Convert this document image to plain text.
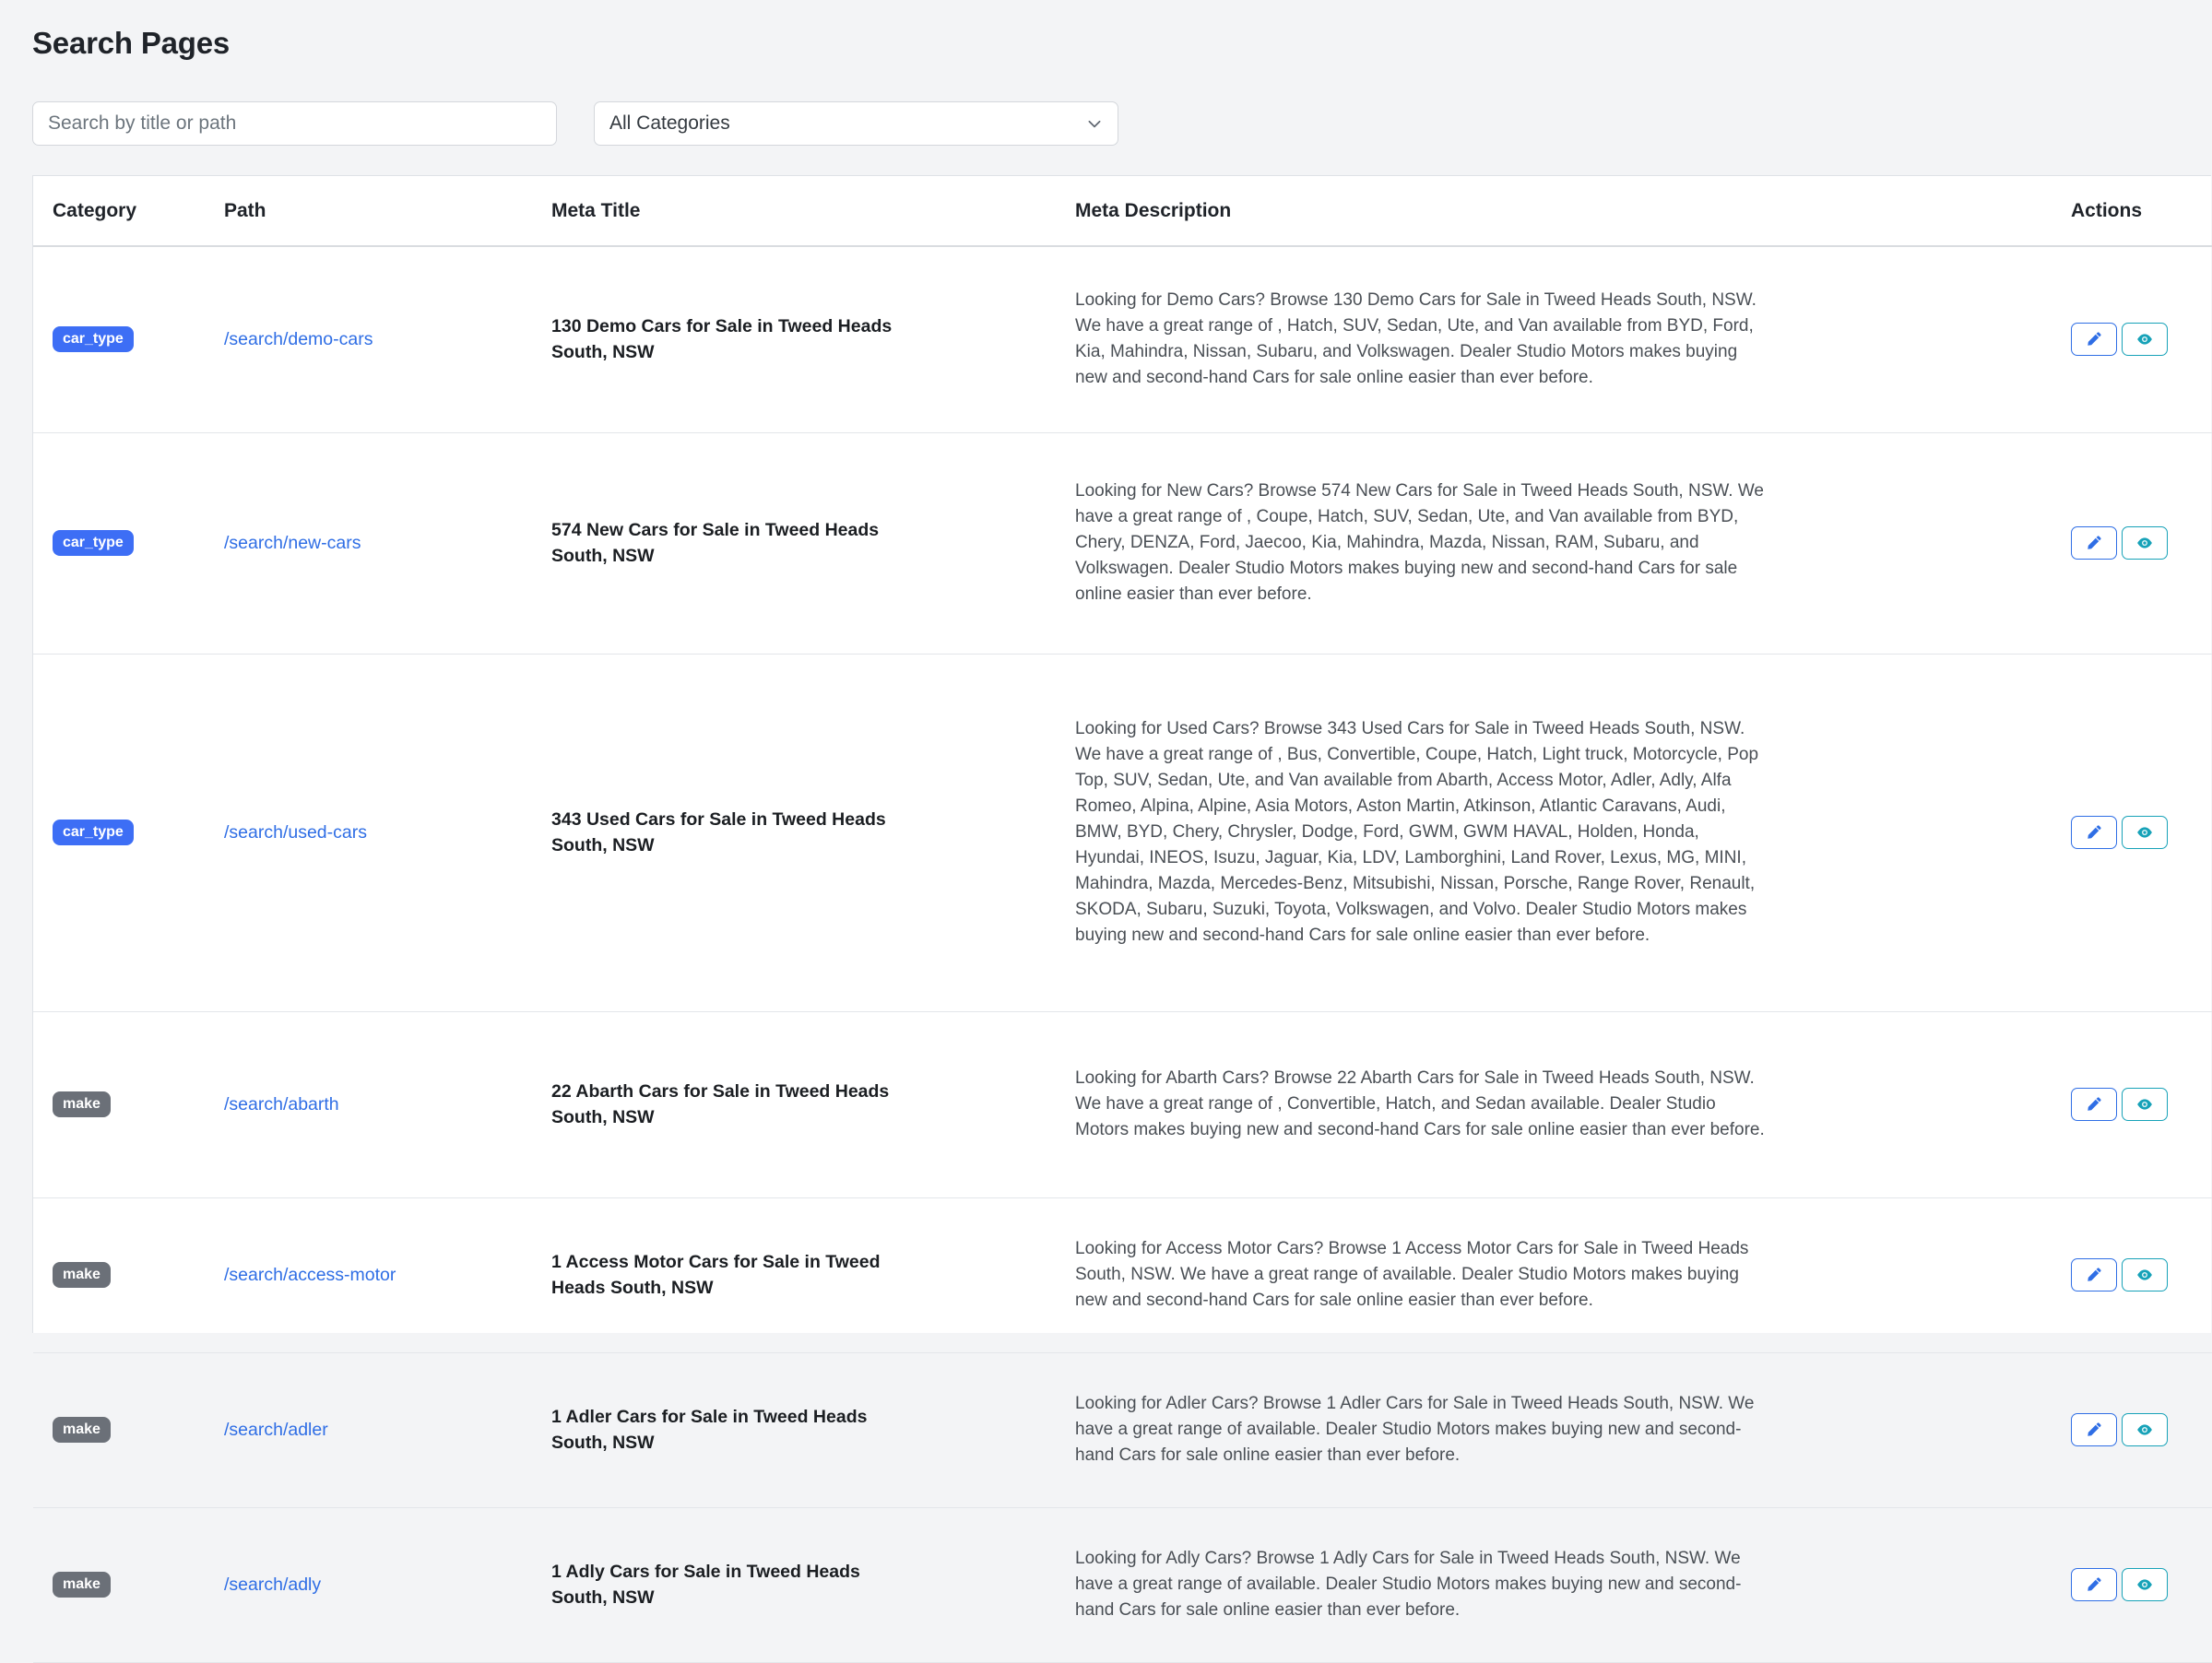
Search Pages
Search by title or path
All Categories
Category	Path	Meta Title	Meta Description	Actions
car_type	/search/demo-cars	130 Demo Cars for Sale in Tweed Heads South, NSW	Looking for Demo Cars? Browse 130 Demo Cars for Sale in Tweed Heads South, NSW. We have a great range of , Hatch, SUV, Sedan, Ute, and Van available from BYD, Ford, Kia, Mahindra, Nissan, Subaru, and Volkswagen. Dealer Studio Motors makes buying new and second-hand Cars for sale online easier than ever before.

car_type	/search/new-cars	574 New Cars for Sale in Tweed Heads South, NSW	Looking for New Cars? Browse 574 New Cars for Sale in Tweed Heads South, NSW. We have a great range of , Coupe, Hatch, SUV, Sedan, Ute, and Van available from BYD, Chery, DENZA, Ford, Jaecoo, Kia, Mahindra, Mazda, Nissan, RAM, Subaru, and Volkswagen. Dealer Studio Motors makes buying new and second-hand Cars for sale online easier than ever before.

car_type	/search/used-cars	343 Used Cars for Sale in Tweed Heads South, NSW	Looking for Used Cars? Browse 343 Used Cars for Sale in Tweed Heads South, NSW. We have a great range of , Bus, Convertible, Coupe, Hatch, Light truck, Motorcycle, Pop Top, SUV, Sedan, Ute, and Van available from Abarth, Access Motor, Adler, Adly, Alfa Romeo, Alpina, Alpine, Asia Motors, Aston Martin, Atkinson, Atlantic Caravans, Audi, BMW, BYD, Chery, Chrysler, Dodge, Ford, GWM, GWM HAVAL, Holden, Honda, Hyundai, INEOS, Isuzu, Jaguar, Kia, LDV, Lamborghini, Land Rover, Lexus, MG, MINI, Mahindra, Mazda, Mercedes-Benz, Mitsubishi, Nissan, Porsche, Range Rover, Renault, SKODA, Subaru, Suzuki, Toyota, Volkswagen, and Volvo. Dealer Studio Motors makes buying new and second-hand Cars for sale online easier than ever before.

make	/search/abarth	22 Abarth Cars for Sale in Tweed Heads South, NSW	Looking for Abarth Cars? Browse 22 Abarth Cars for Sale in Tweed Heads South, NSW. We have a great range of , Convertible, Hatch, and Sedan available. Dealer Studio Motors makes buying new and second-hand Cars for sale online easier than ever before.

make	/search/access-motor	1 Access Motor Cars for Sale in Tweed Heads South, NSW	Looking for Access Motor Cars? Browse 1 Access Motor Cars for Sale in Tweed Heads South, NSW. We have a great range of available. Dealer Studio Motors makes buying new and second-hand Cars for sale online easier than ever before.

make	/search/adler	1 Adler Cars for Sale in Tweed Heads South, NSW	Looking for Adler Cars? Browse 1 Adler Cars for Sale in Tweed Heads South, NSW. We have a great range of available. Dealer Studio Motors makes buying new and second-hand Cars for sale online easier than ever before.

make	/search/adly	1 Adly Cars for Sale in Tweed Heads South, NSW	Looking for Adly Cars? Browse 1 Adly Cars for Sale in Tweed Heads South, NSW. We have a great range of available. Dealer Studio Motors makes buying new and second-hand Cars for sale online easier than ever before.
